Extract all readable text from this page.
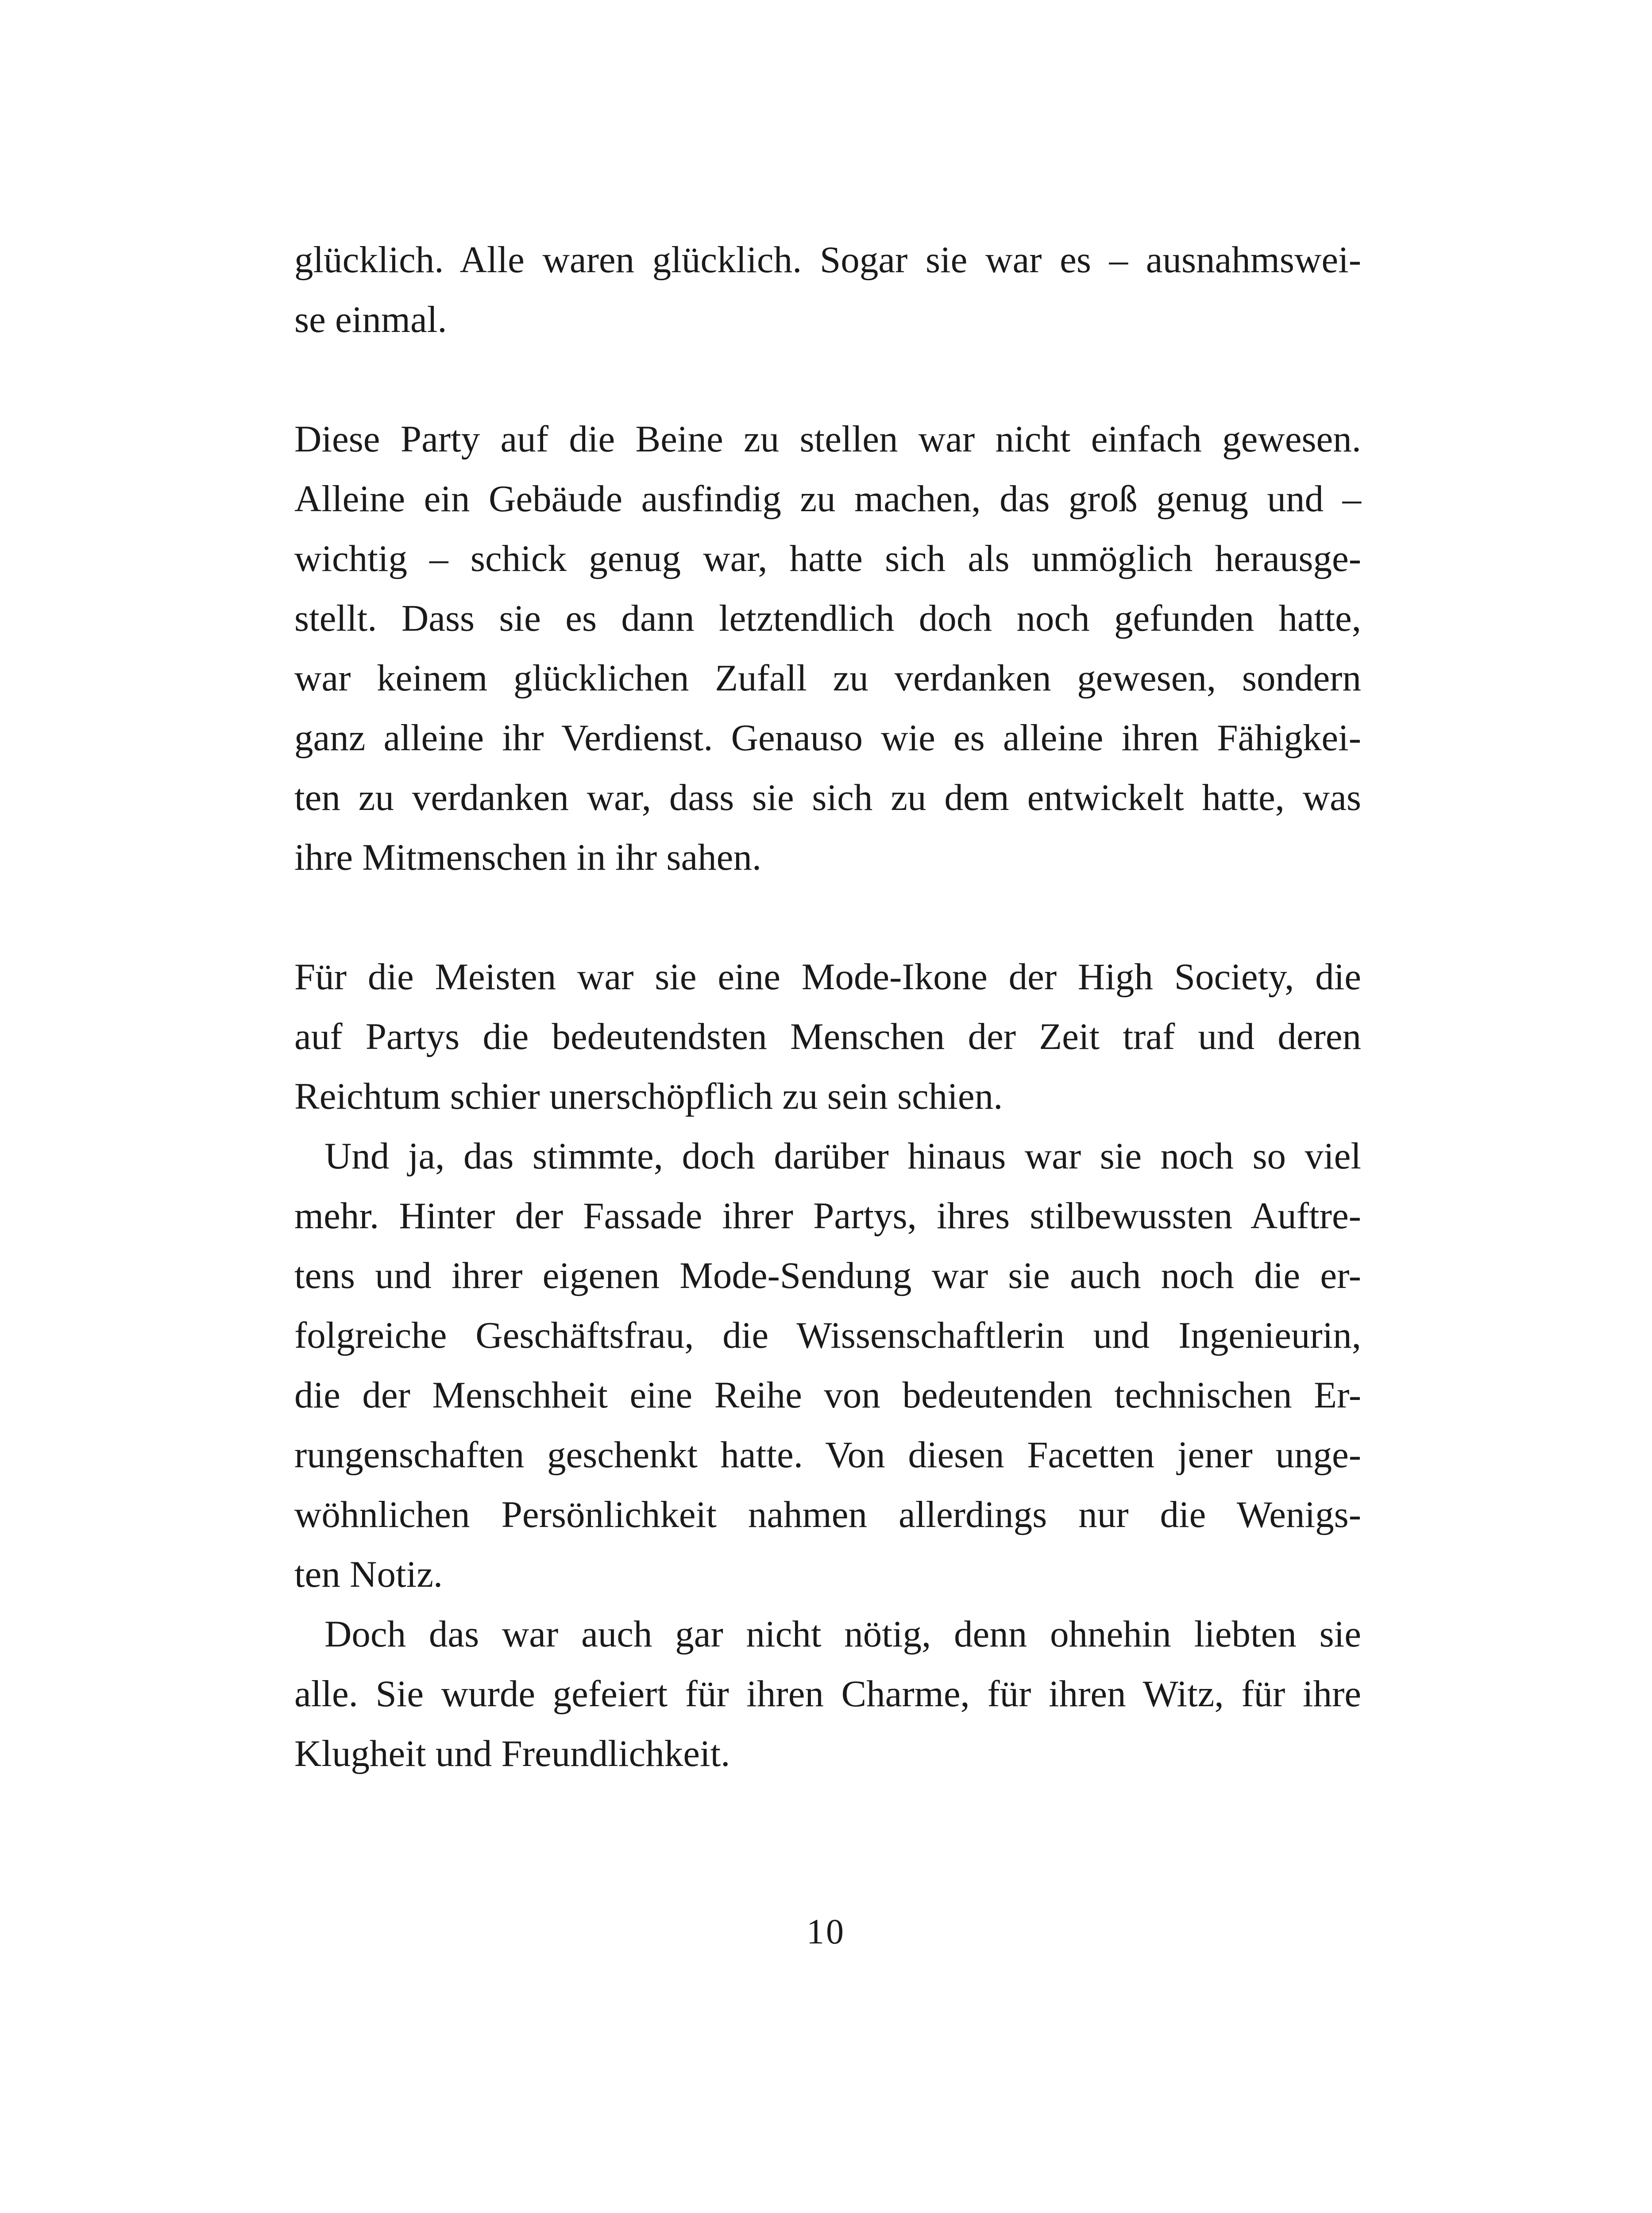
glücklich. Alle waren glücklich. Sogar sie war es – ausnahmswei-
se einmal.
Diese Party auf die Beine zu stellen war nicht einfach gewesen.
Alleine ein Gebäude ausfindig zu machen, das groß genug und –
wichtig – schick genug war, hatte sich als unmöglich herausge-
stellt. Dass sie es dann letztendlich doch noch gefunden hatte,
war keinem glücklichen Zufall zu verdanken gewesen, sondern
ganz alleine ihr Verdienst. Genauso wie es alleine ihren Fähigkei-
ten zu verdanken war, dass sie sich zu dem entwickelt hatte, was
ihre Mitmenschen in ihr sahen.
Für die Meisten war sie eine Mode-Ikone der High Society, die
auf Partys die bedeutendsten Menschen der Zeit traf und deren
Reichtum schier unerschöpflich zu sein schien.
Und ja, das stimmte, doch darüber hinaus war sie noch so viel
mehr. Hinter der Fassade ihrer Partys, ihres stilbewussten Auftre-
tens und ihrer eigenen Mode-Sendung war sie auch noch die er-
folgreiche Geschäftsfrau, die Wissenschaftlerin und Ingenieurin,
die der Menschheit eine Reihe von bedeutenden technischen Er-
rungenschaften geschenkt hatte. Von diesen Facetten jener unge-
wöhnlichen Persönlichkeit nahmen allerdings nur die Wenigs-
ten Notiz.
Doch das war auch gar nicht nötig, denn ohnehin liebten sie
alle. Sie wurde gefeiert für ihren Charme, für ihren Witz, für ihre
Klugheit und Freundlichkeit.
10
